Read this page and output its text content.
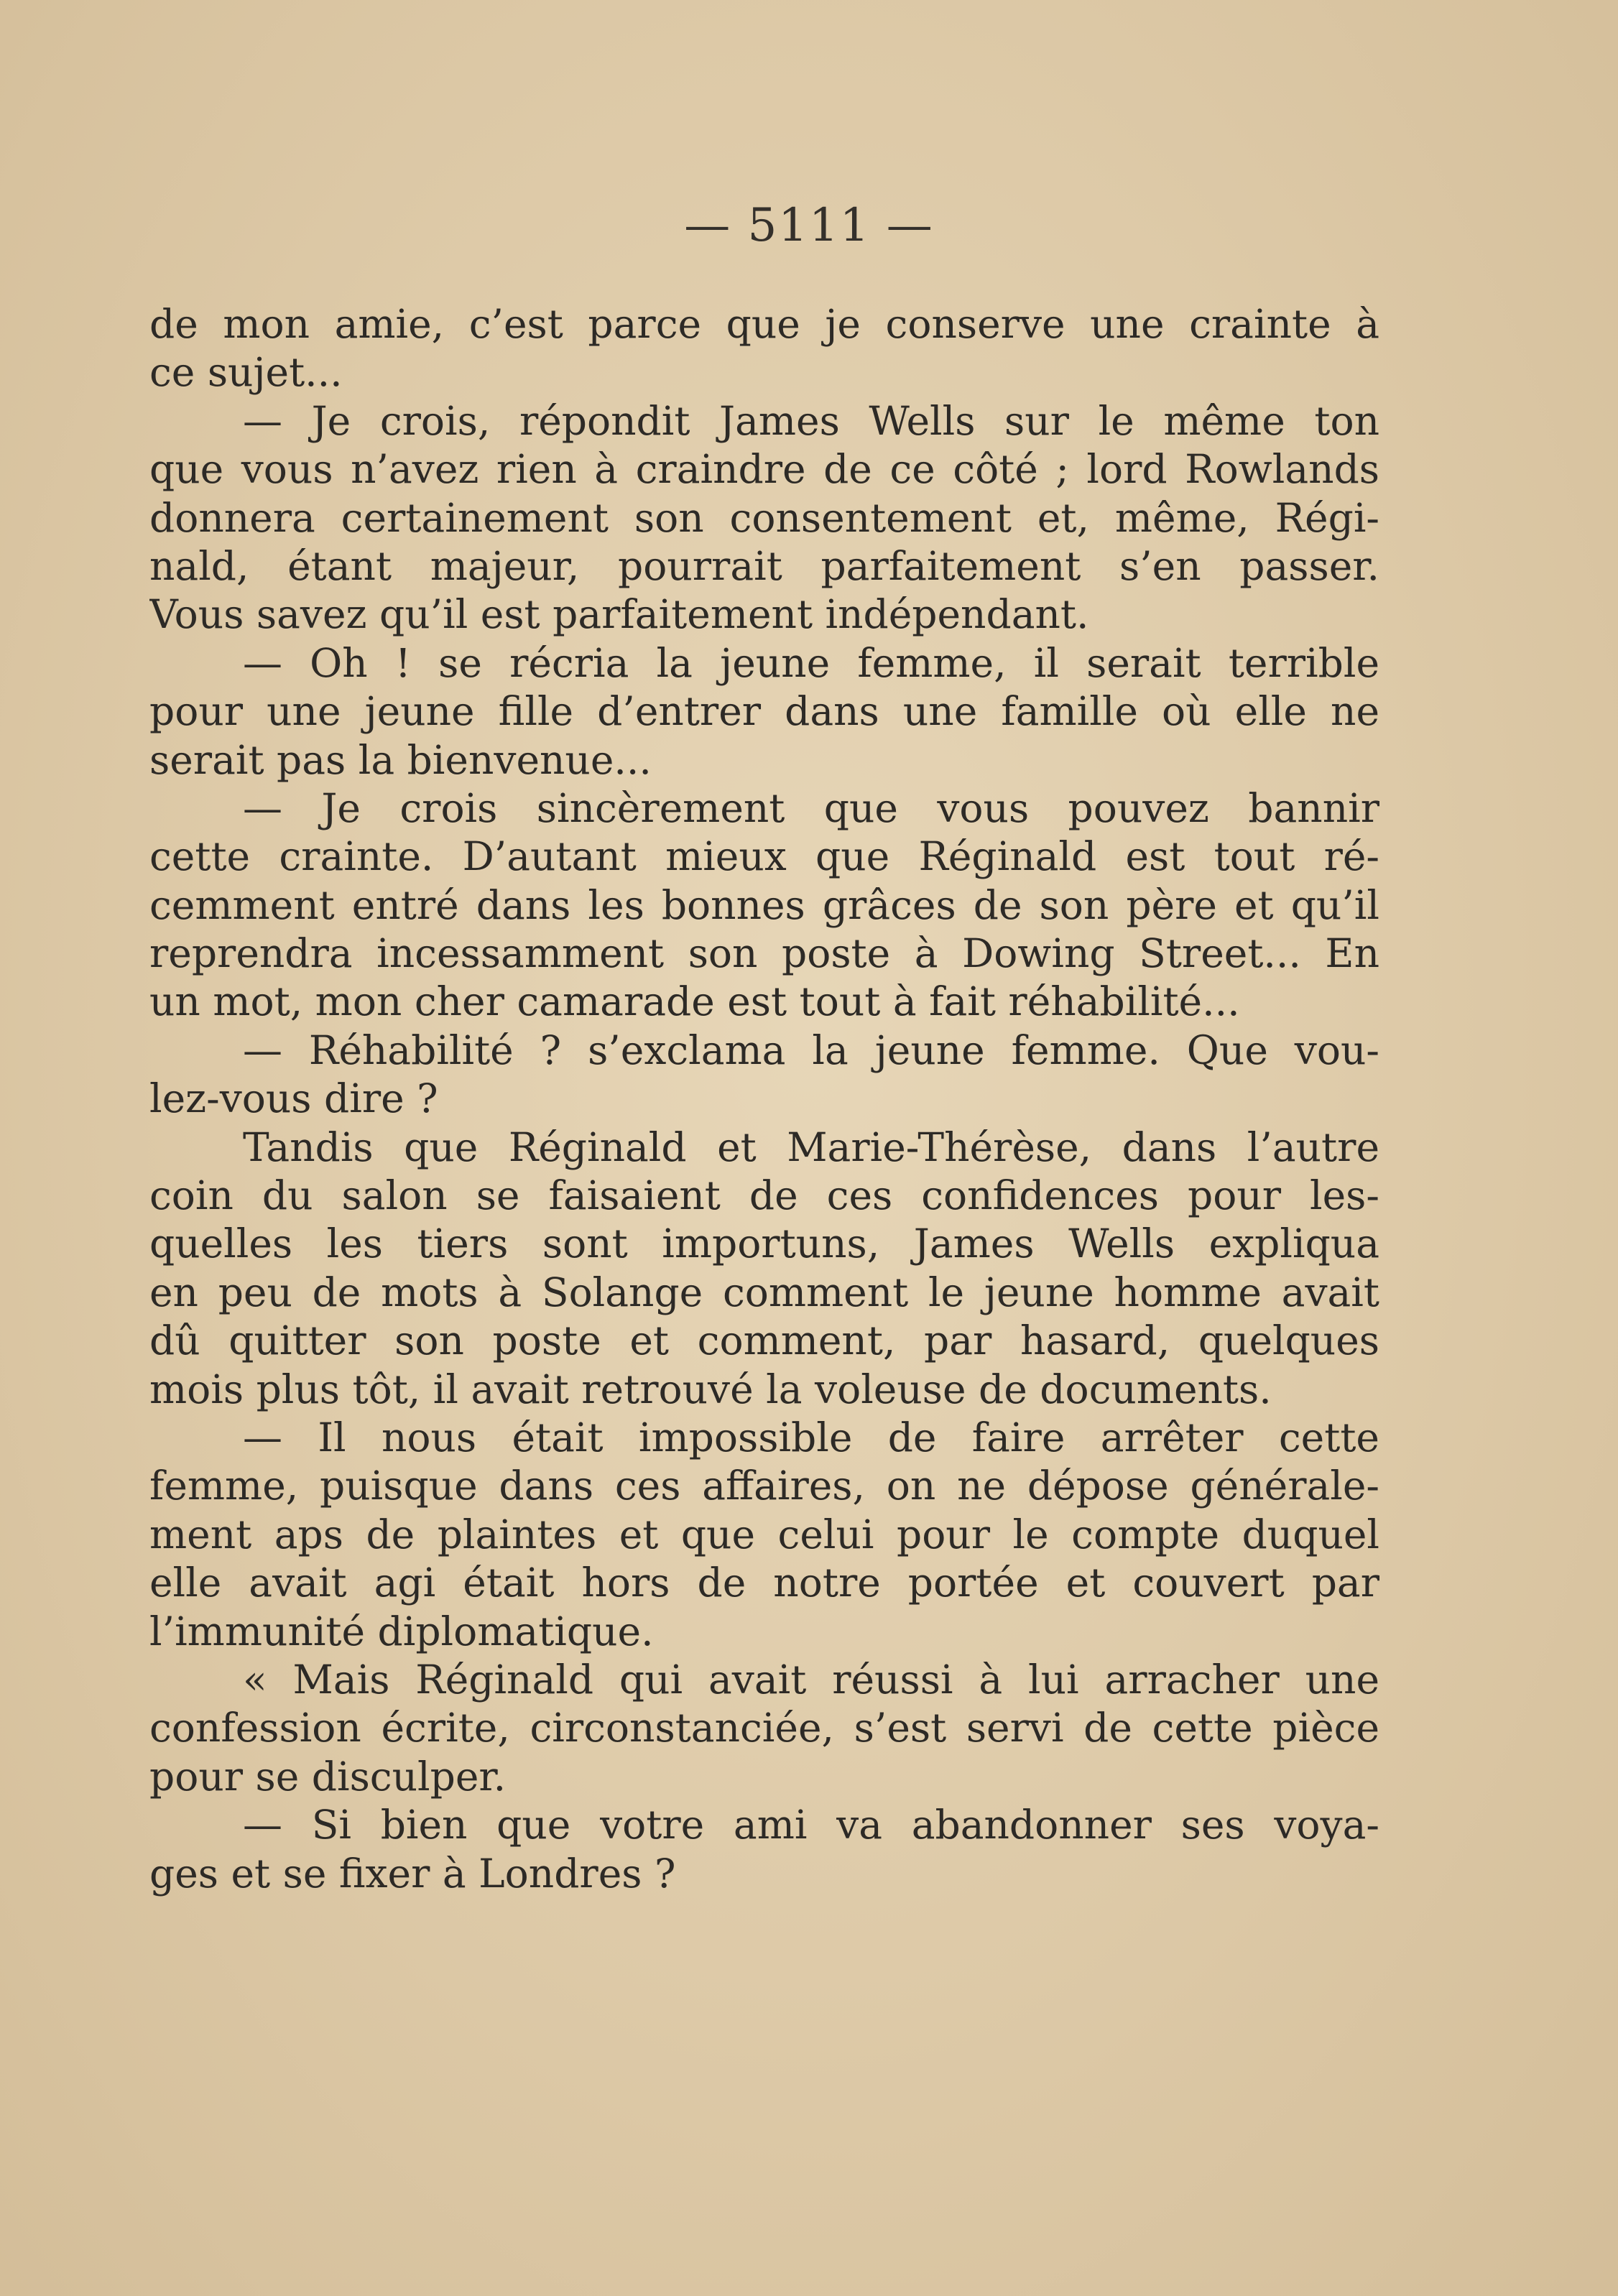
— 5111 —
de mon amie, c’est parce que je conserve une crainte à
ce sujet...
— Je crois, répondit James Wells sur le même ton
que vous n’avez rien à craindre de ce côté ; lord Rowlands
donnera certainement son consentement et, même, Régi-
nald, étant majeur, pourrait parfaitement s’en passer.
Vous savez qu’il est parfaitement indépendant.
— Oh ! se récria la jeune femme, il serait terrible
pour une jeune fille d’entrer dans une famille où elle ne
serait pas la bienvenue...
— Je crois sincèrement que vous pouvez bannir
cette crainte. D’autant mieux que Réginald est tout ré-
cemment entré dans les bonnes grâces de son père et qu’il
reprendra incessamment son poste à Dowing Street... En
un mot, mon cher camarade est tout à fait réhabilité...
— Réhabilité ? s’exclama la jeune femme. Que vou-
lez-vous dire ?
Tandis que Réginald et Marie-Thérèse, dans l’autre
coin du salon se faisaient de ces confidences pour les-
quelles les tiers sont importuns, James Wells expliqua
en peu de mots à Solange comment le jeune homme avait
dû quitter son poste et comment, par hasard, quelques
mois plus tôt, il avait retrouvé la voleuse de documents.
— Il nous était impossible de faire arrêter cette
femme, puisque dans ces affaires, on ne dépose générale-
ment aps de plaintes et que celui pour le compte duquel
elle avait agi était hors de notre portée et couvert par
l’immunité diplomatique.
« Mais Réginald qui avait réussi à lui arracher une
confession écrite, circonstanciée, s’est servi de cette pièce
pour se disculper.
— Si bien que votre ami va abandonner ses voya-
ges et se fixer à Londres ?
